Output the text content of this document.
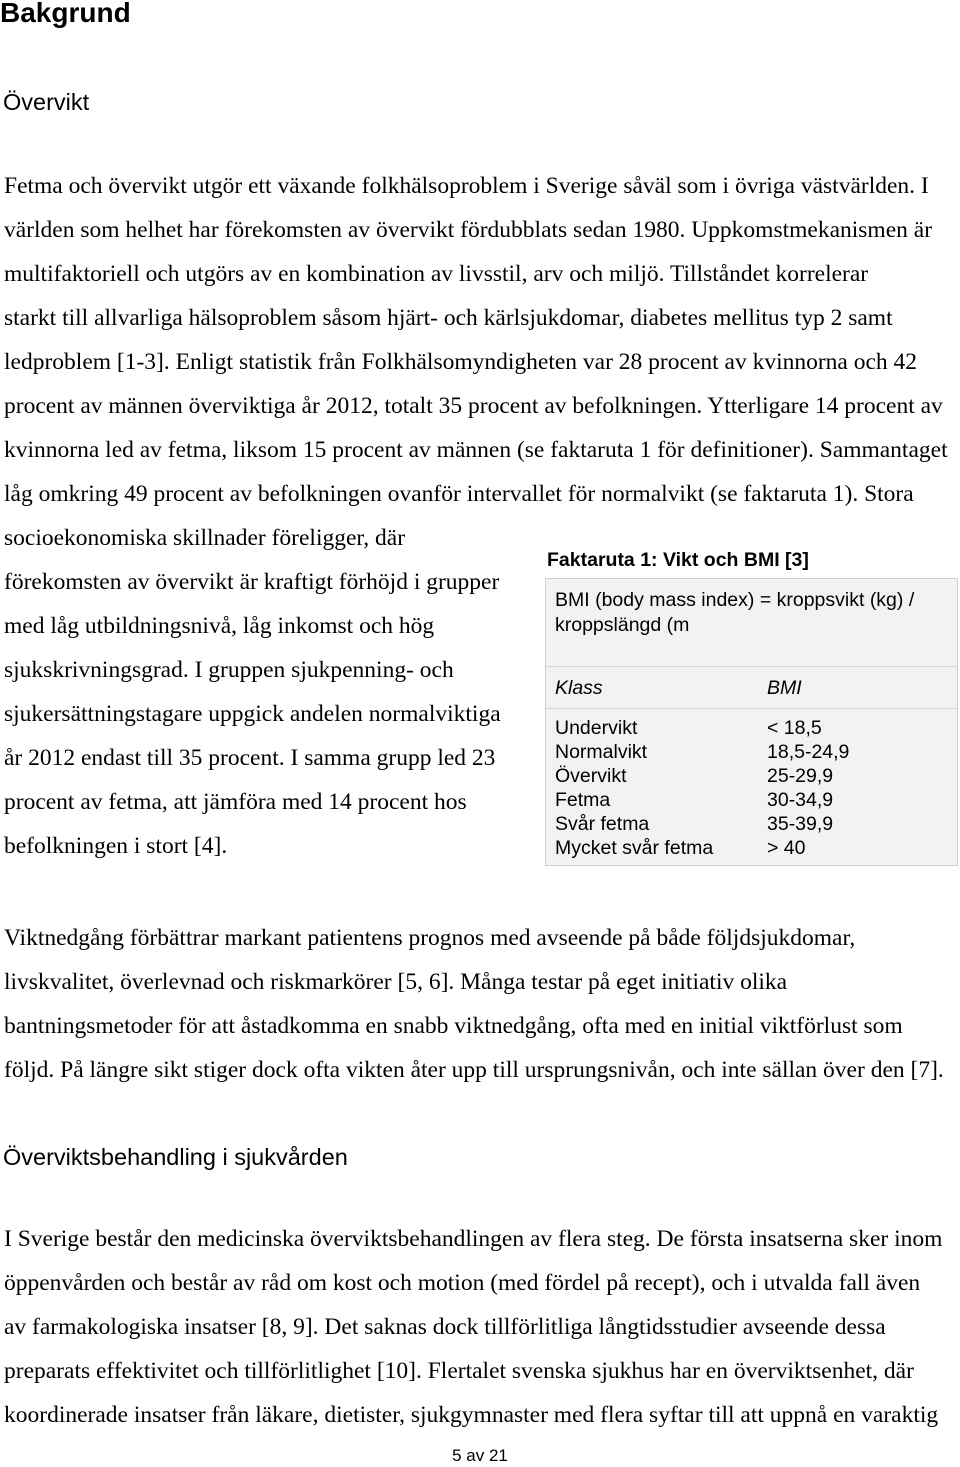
Bakgrund
Övervikt
Fetma och övervikt utgör ett växande folkhälsoproblem i Sverige såväl som i övriga västvärlden. I
världen som helhet har förekomsten av övervikt fördubblats sedan 1980. Uppkomstmekanismen är
multifaktoriell och utgörs av en kombination av livsstil, arv och miljö. Tillståndet korrelerar
starkt till allvarliga hälsoproblem såsom hjärt- och kärlsjukdomar, diabetes mellitus typ 2 samt
ledproblem [1-3]. Enligt statistik från Folkhälsomyndigheten var 28 procent av kvinnorna och 42
procent av männen överviktiga år 2012, totalt 35 procent av befolkningen. Ytterligare 14 procent av
kvinnorna led av fetma, liksom 15 procent av männen (se faktaruta 1 för definitioner). Sammantaget
låg omkring 49 procent av befolkningen ovanför intervallet för normalvikt (se faktaruta 1). Stora
socioekonomiska skillnader föreligger, där
förekomsten av övervikt är kraftigt förhöjd i grupper
med låg utbildningsnivå, låg inkomst och hög
sjukskrivningsgrad. I gruppen sjukpenning- och
sjukersättningstagare uppgick andelen normalviktiga
år 2012 endast till 35 procent. I samma grupp led 23
procent av fetma, att jämföra med 14 procent hos
befolkningen i stort [4].
Faktaruta 1: Vikt och BMI [3]
BMI (body mass index) = kroppsvikt (kg) /
kroppslängd (m
Klass	BMI
Undervikt	< 18,5
Normalvikt	18,5-24,9
Övervikt	25-29,9
Fetma	30-34,9
Svår fetma	35-39,9
Mycket svår fetma	> 40
Viktnedgång förbättrar markant patientens prognos med avseende på både följdsjukdomar,
livskvalitet, överlevnad och riskmarkörer [5, 6]. Många testar på eget initiativ olika
bantningsmetoder för att åstadkomma en snabb viktnedgång, ofta med en initial viktförlust som
följd. På längre sikt stiger dock ofta vikten åter upp till ursprungsnivån, och inte sällan över den [7].
Överviktsbehandling i sjukvården
I Sverige består den medicinska överviktsbehandlingen av flera steg. De första insatserna sker inom
öppenvården och består av råd om kost och motion (med fördel på recept), och i utvalda fall även
av farmakologiska insatser [8, 9]. Det saknas dock tillförlitliga långtidsstudier avseende dessa
preparats effektivitet och tillförlitlighet [10]. Flertalet svenska sjukhus har en överviktsenhet, där
koordinerade insatser från läkare, dietister, sjukgymnaster med flera syftar till att uppnå en varaktig
5 av 21
